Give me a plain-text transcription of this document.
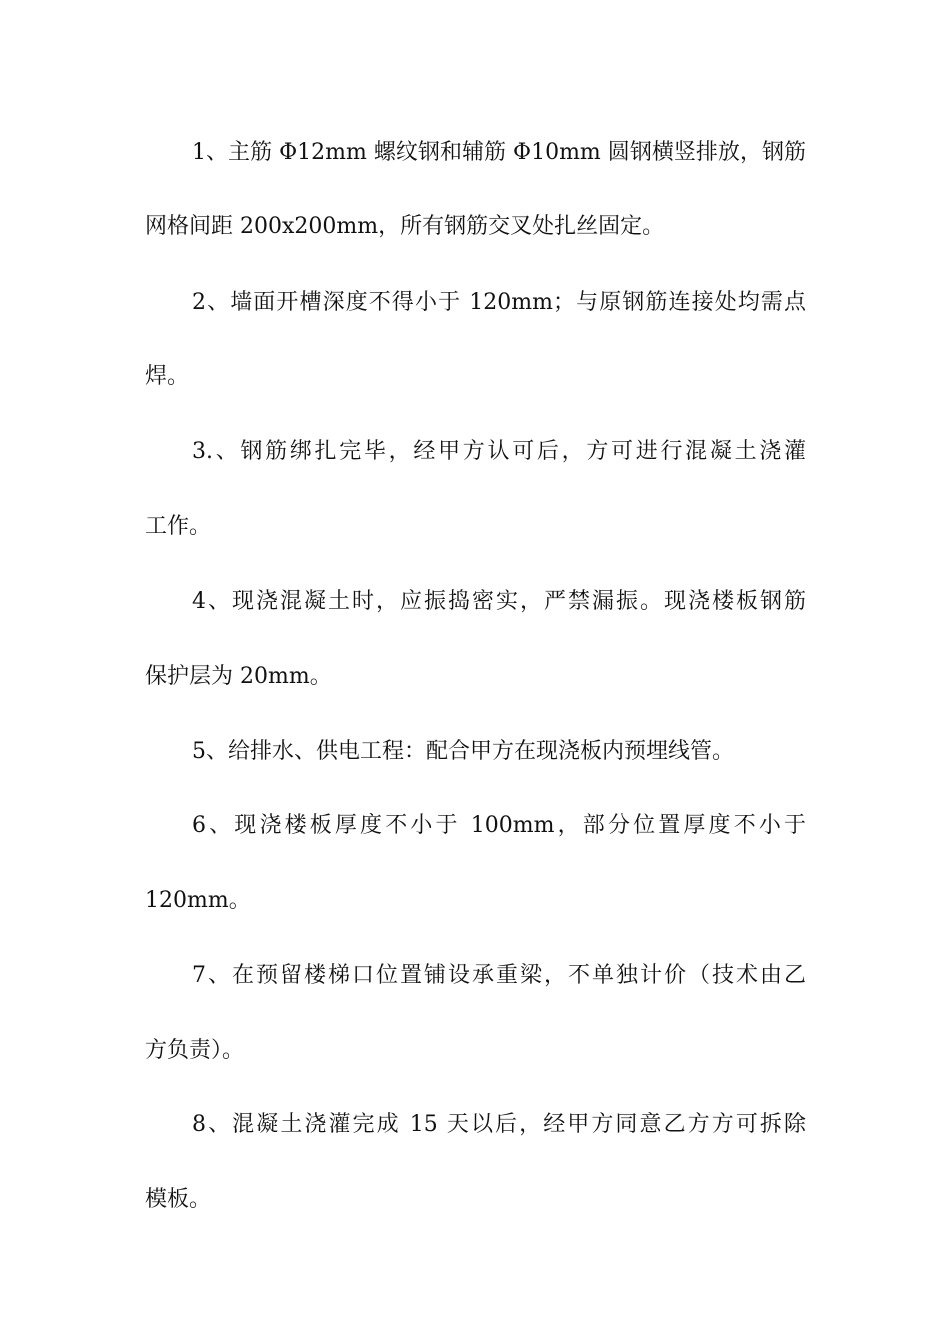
1、主筋 Φ12mm 螺纹钢和辅筋 Φ10mm 圆钢横竖排放，钢筋
网格间距 200x200mm，所有钢筋交叉处扎丝固定。
2、墙面开槽深度不得小于 120mm；与原钢筋连接处均需点
焊。
3.、钢筋绑扎完毕，经甲方认可后，方可进行混凝土浇灌
工作。
4、现浇混凝土时，应振捣密实，严禁漏振。现浇楼板钢筋
保护层为 20mm。
5、给排水、供电工程：配合甲方在现浇板内预埋线管。
6、现浇楼板厚度不小于 100mm，部分位置厚度不小于
120mm。
7、在预留楼梯口位置铺设承重梁，不单独计价（技术由乙
方负责）。
8、混凝土浇灌完成 15 天以后，经甲方同意乙方方可拆除
模板。
